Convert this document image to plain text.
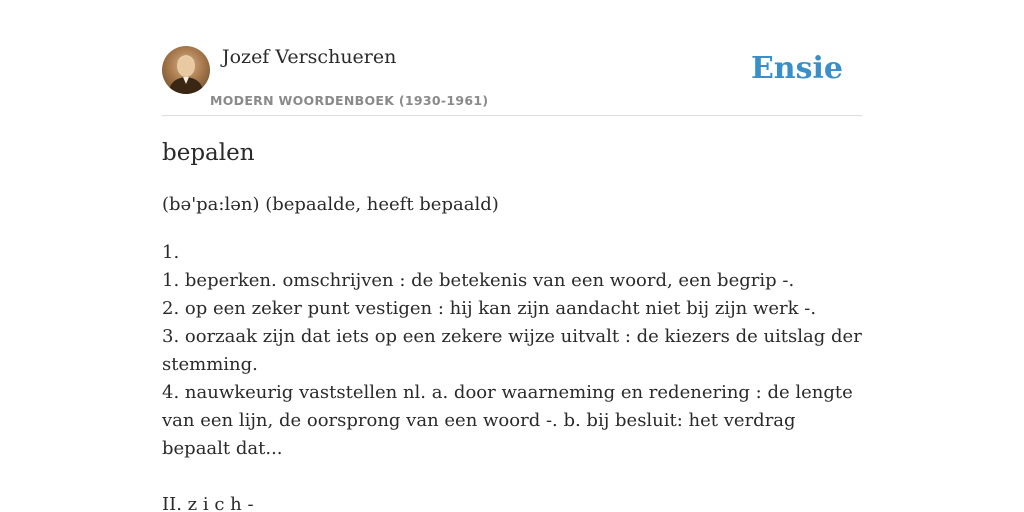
Jozef Verschueren
MODERN WOORDENBOEK (1930-1961)
Ensie
bepalen
(bə'pa:lən) (bepaalde, heeft bepaald)
1.
1. beperken. omschrijven : de betekenis van een woord, een begrip -.
2. op een zeker punt vestigen : hij kan zijn aandacht niet bij zijn werk -.
3. oorzaak zijn dat iets op een zekere wijze uitvalt : de kiezers de uitslag der stemming.
4. nauwkeurig vaststellen nl. a. door waarneming en redenering : de lengte van een lijn, de oorsprong van een woord -. b. bij besluit: het verdrag bepaalt dat...
II. z i c h -
